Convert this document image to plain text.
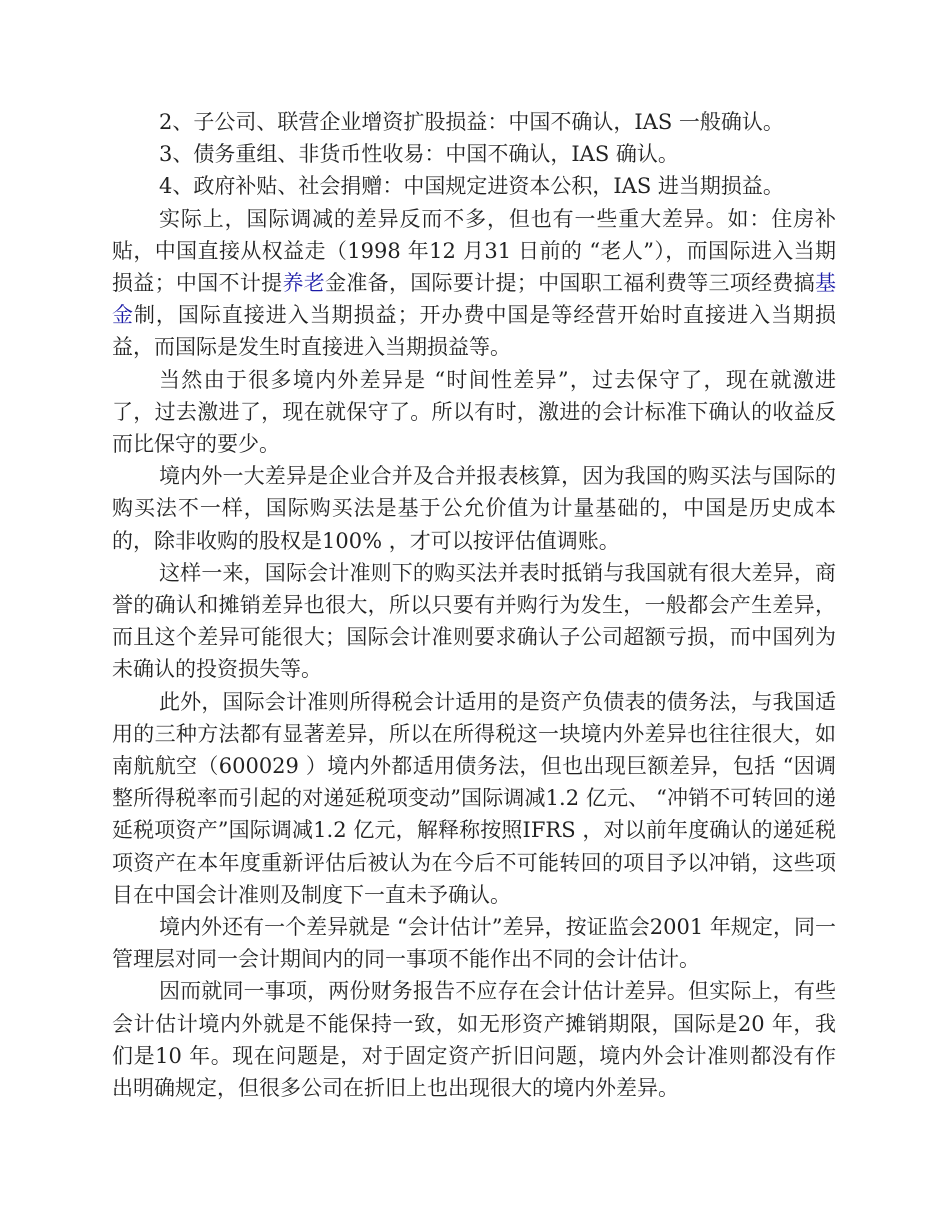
2、子公司、联营企业增资扩股损益：中国不确认，IAS 一般确认。

3、债务重组、非货币性收易：中国不确认，IAS 确认。

4、政府补贴、社会捐赠：中国规定进资本公积，IAS 进当期损益。

实际上，国际调减的差异反而不多，但也有一些重大差异。如：住房补贴，中国直接从权益走（1998 年12 月31 日前的 “老人”），而国际进入当期损益；中国不计提养老金准备，国际要计提；中国职工福利费等三项经费搞基金制，国际直接进入当期损益；开办费中国是等经营开始时直接进入当期损益，而国际是发生时直接进入当期损益等。

当然由于很多境内外差异是 “时间性差异”，过去保守了，现在就激进了，过去激进了，现在就保守了。所以有时，激进的会计标准下确认的收益反而比保守的要少。

境内外一大差异是企业合并及合并报表核算，因为我国的购买法与国际的购买法不一样，国际购买法是基于公允价值为计量基础的，中国是历史成本的，除非收购的股权是100% ，才可以按评估值调账。

这样一来，国际会计准则下的购买法并表时抵销与我国就有很大差异，商誉的确认和摊销差异也很大，所以只要有并购行为发生，一般都会产生差异，而且这个差异可能很大；国际会计准则要求确认子公司超额亏损，而中国列为未确认的投资损失等。

此外，国际会计准则所得税会计适用的是资产负债表的债务法，与我国适用的三种方法都有显著差异，所以在所得税这一块境内外差异也往往很大，如南航航空（600029 ）境内外都适用债务法，但也出现巨额差异，包括 “因调整所得税率而引起的对递延税项变动”国际调减1.2 亿元、 “冲销不可转回的递延税项资产”国际调减1.2 亿元，解释称按照IFRS ，对以前年度确认的递延税项资产在本年度重新评估后被认为在今后不可能转回的项目予以冲销，这些项目在中国会计准则及制度下一直未予确认。

境内外还有一个差异就是 “会计估计”差异，按证监会2001 年规定，同一管理层对同一会计期间内的同一事项不能作出不同的会计估计。

因而就同一事项，两份财务报告不应存在会计估计差异。但实际上，有些会计估计境内外就是不能保持一致，如无形资产摊销期限，国际是20 年，我们是10 年。现在问题是，对于固定资产折旧问题，境内外会计准则都没有作出明确规定，但很多公司在折旧上也出现很大的境内外差异。
